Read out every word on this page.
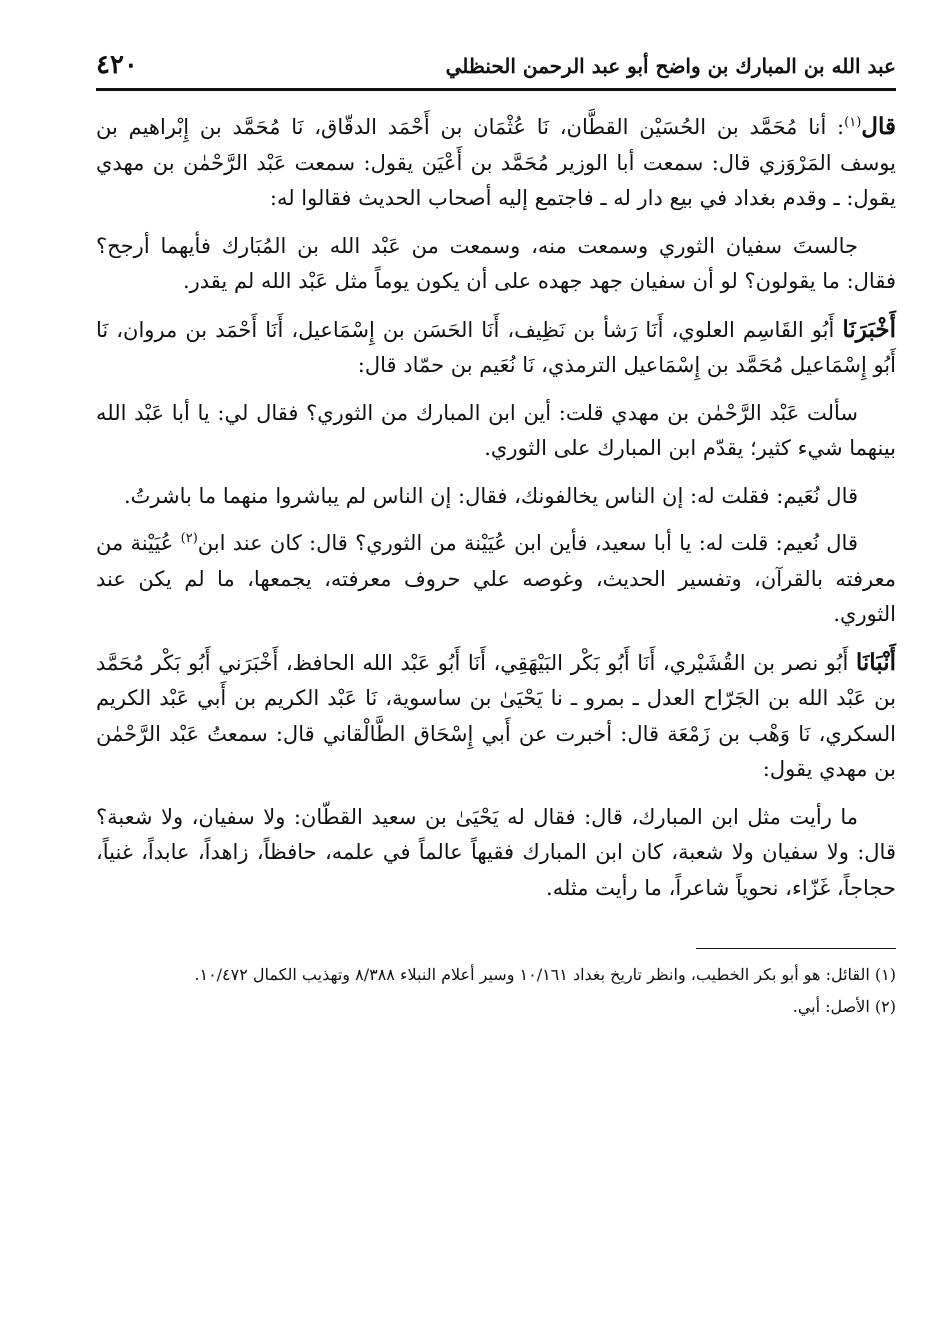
عبد الله بن المبارك بن واضح أبو عبد الرحمن الحنظلي
٤٢٠

قال$^{(١)}$: أنا مُحَمَّد بن الحُسَيْن القطَّان، نَا عُثْمَان بن أَحْمَد الدقّاق، نَا مُحَمَّد بن إِبْراهيم بن يوسف المَرْوَزي قال: سمعت أبا الوزير مُحَمَّد بن أَعْيَن يقول: سمعت عَبْد الرَّحْمٰن بن مهدي يقول: ـ وقدم بغداد في بيع دار له ـ فاجتمع إليه أصحاب الحديث فقالوا له:

جالستَ سفيان الثوري وسمعت منه، وسمعت من عَبْد الله بن المُبَارك فأيهما أرجح؟ فقال: ما يقولون؟ لو أن سفيان جهد جهده على أن يكون يوماً مثل عَبْد الله لم يقدر.

أَخْبَرَنَا أَبُو القَاسِم العلوي، أَنَا رَشأ بن نَظِيف، أَنَا الحَسَن بن إِسْمَاعيل، أَنَا أَحْمَد بن مروان، نَا أَبُو إِسْمَاعيل مُحَمَّد بن إِسْمَاعيل الترمذي، نَا نُعَيم بن حمّاد قال:

سألت عَبْد الرَّحْمٰن بن مهدي قلت: أين ابن المبارك من الثوري؟ فقال لي: يا أبا عَبْد الله بينهما شيء كثير؛ يقدّم ابن المبارك على الثوري.

قال نُعَيم: فقلت له: إن الناس يخالفونك، فقال: إن الناس لم يباشروا منهما ما باشرتُ.

قال نُعيم: قلت له: يا أبا سعيد، فأين ابن عُيَيْنة من الثوري؟ قال: كان عند ابن$^{(٢)}$ عُيَيْنة من معرفته بالقرآن، وتفسير الحديث، وغوصه علي حروف معرفته، يجمعها، ما لم يكن عند الثوري.

أَنْبَانَا أَبُو نصر بن القُشَيْري، أَنَا أَبُو بَكْر البَيْهَقِي، أَنَا أَبُو عَبْد الله الحافظ، أَخْبَرَني أَبُو بَكْر مُحَمَّد بن عَبْد الله بن الجَرّاح العدل ـ بمرو ـ نا يَحْيَىٰ بن ساسوية، نَا عَبْد الكريم بن أَبي عَبْد الكريم السكري، نَا وَهْب بن زَمْعَة قال: أخبرت عن أَبي إِسْحَاق الطَّالْقاني قال: سمعتُ عَبْد الرَّحْمٰن بن مهدي يقول:

ما رأيت مثل ابن المبارك، قال: فقال له يَحْيَىٰ بن سعيد القطّان: ولا سفيان، ولا شعبة؟ قال: ولا سفيان ولا شعبة، كان ابن المبارك فقيهاً عالماً في علمه، حافظاً، زاهداً، عابداً، غنياً، حجاجاً، غَزّاء، نحوياً شاعراً، ما رأيت مثله.

(١) القائل: هو أبو بكر الخطيب، وانظر تاريخ بغداد ١٠/١٦١ وسير أعلام النبلاء ٨/٣٨٨ وتهذيب الكمال ١٠/٤٧٢.

(٢) الأصل: أبي.
